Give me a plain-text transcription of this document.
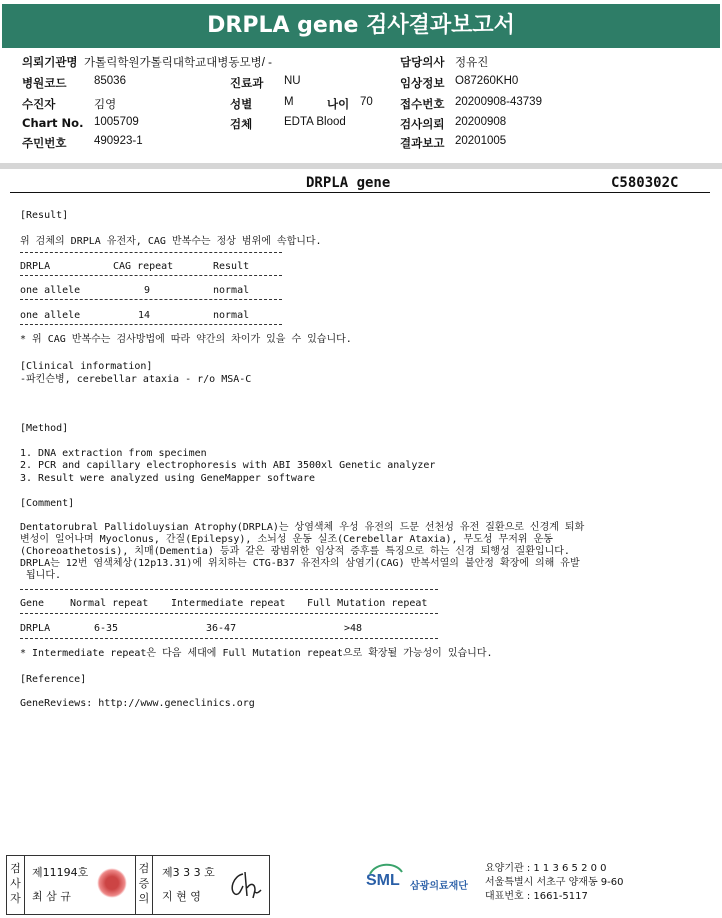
DRPLA gene 검사결과보고서
의뢰기관명 가톨릭학원가톨릭대학교대병동모병/ -	담당의사 정유진
병원코드 85036	진료과 NU	임상정보 O87260KH0
수진자	김영	성별	M	나이 70 접수번호 20200908-43739
Chart No. 1005709	검체	EDTA Blood	검사의뢰 20200908
주민번호 490923-1	결과보고 20201005
DRPLA gene	C580302C
[Result]
위 검체의 DRPLA 유전자, CAG 반복수는 정상 범위에 속합니다.
DRPLA	CAG repeat	Result
one allele	9	normal
one allele	14	normal
* 위 CAG 반복수는 검사방법에 따라 약간의 차이가 있을 수 있습니다.
[Clinical information]
-파킨슨병, cerebellar ataxia - r/o MSA-C
[Method]
1. DNA extraction from specimen
2. PCR and capillary electrophoresis with ABI 3500xl Genetic analyzer
3. Result were analyzed using GeneMapper software
[Comment]
Dentatorubral Pallidoluysian Atrophy(DRPLA)는 상염색체 우성 유전의 드문 선천성 유전 질환으로 신경계 퇴화
변성이 일어나며 Myoclonus, 간질(Epilepsy), 소뇌성 운동 실조(Cerebellar Ataxia), 무도성 무저위 운동
(Choreoathetosis), 치매(Dementia) 등과 같은 광범위한 임상적 증후를 특징으로 하는 신경 퇴행성 질환입니다.
DRPLA는 12번 염색체상(12p13.31)에 위치하는 CTG-B37 유전자의 삼염기(CAG) 반복서열의 불안정 확장에 의해 유발
됩니다.
Gene	Normal repeat Intermediate repeat Full Mutation repeat
DRPLA	6-35	36-47	>48
* Intermediate repeat은 다음 세대에 Full Mutation repeat으로 확장될 가능성이 있습니다.
[Reference]
GeneReviews: http://www.geneclinics.org
검사자
제11194호
최 삼 규
검증의
제3 3 3 호
지 현 영
SML 삼광의료재단
요양기관 : 1 1 3 6 5 2 0 0
서울특별시 서초구 양재동 9-60
대표번호 : 1661-5117
